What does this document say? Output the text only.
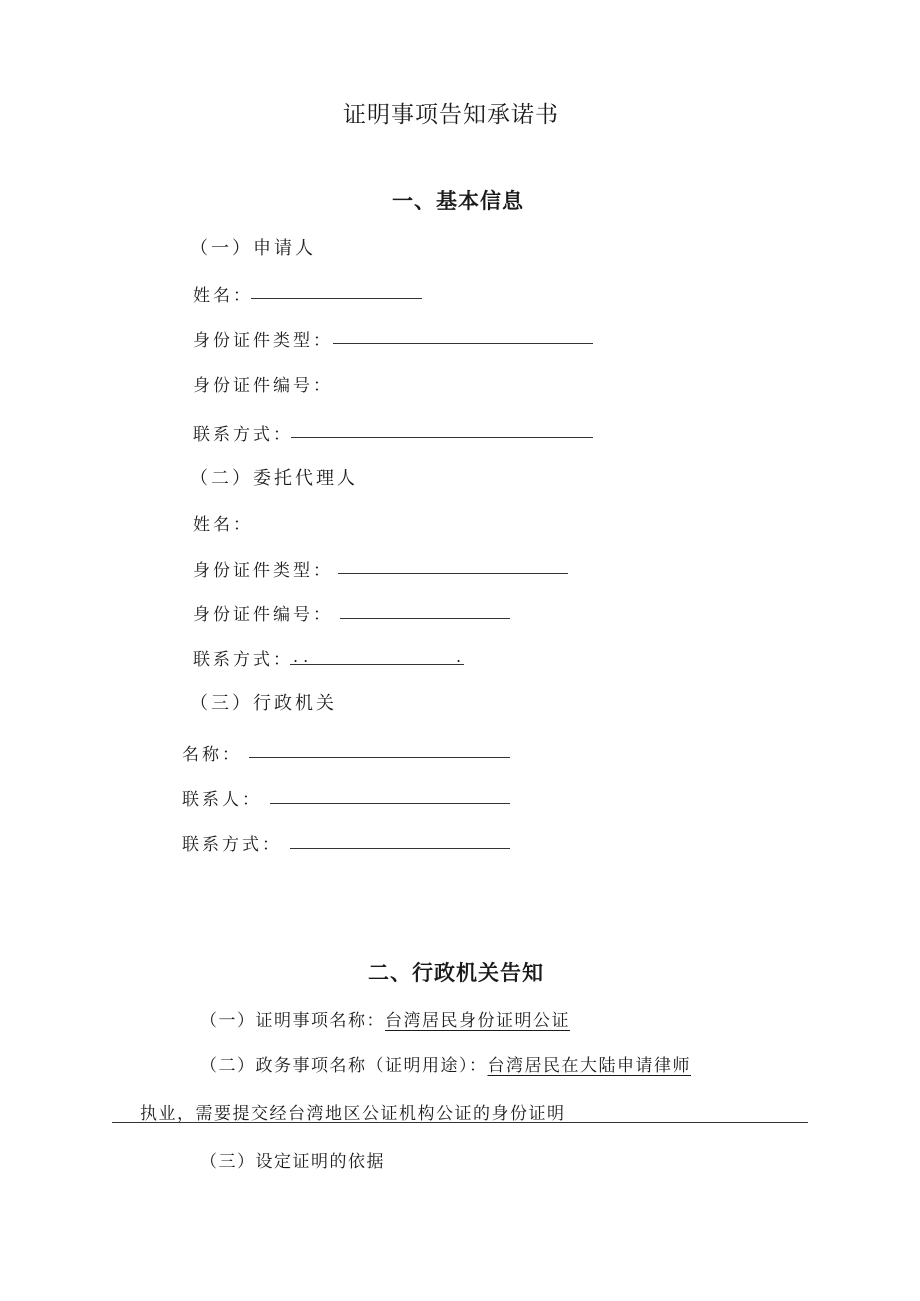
证明事项告知承诺书
一、基本信息
（一）申请人
姓名：
身份证件类型：
身份证件编号：
联系方式：
（二）委托代理人
姓名：
身份证件类型：
身份证件编号：
联系方式： . .	.
（三）行政机关
名称：
联系人：
联系方式：
二、行政机关告知
（一）证明事项名称：台湾居民身份证明公证
（二）政务事项名称（证明用途）：台湾居民在大陆申请律师
执业，需要提交经台湾地区公证机构公证的身份证明
（三）设定证明的依据
